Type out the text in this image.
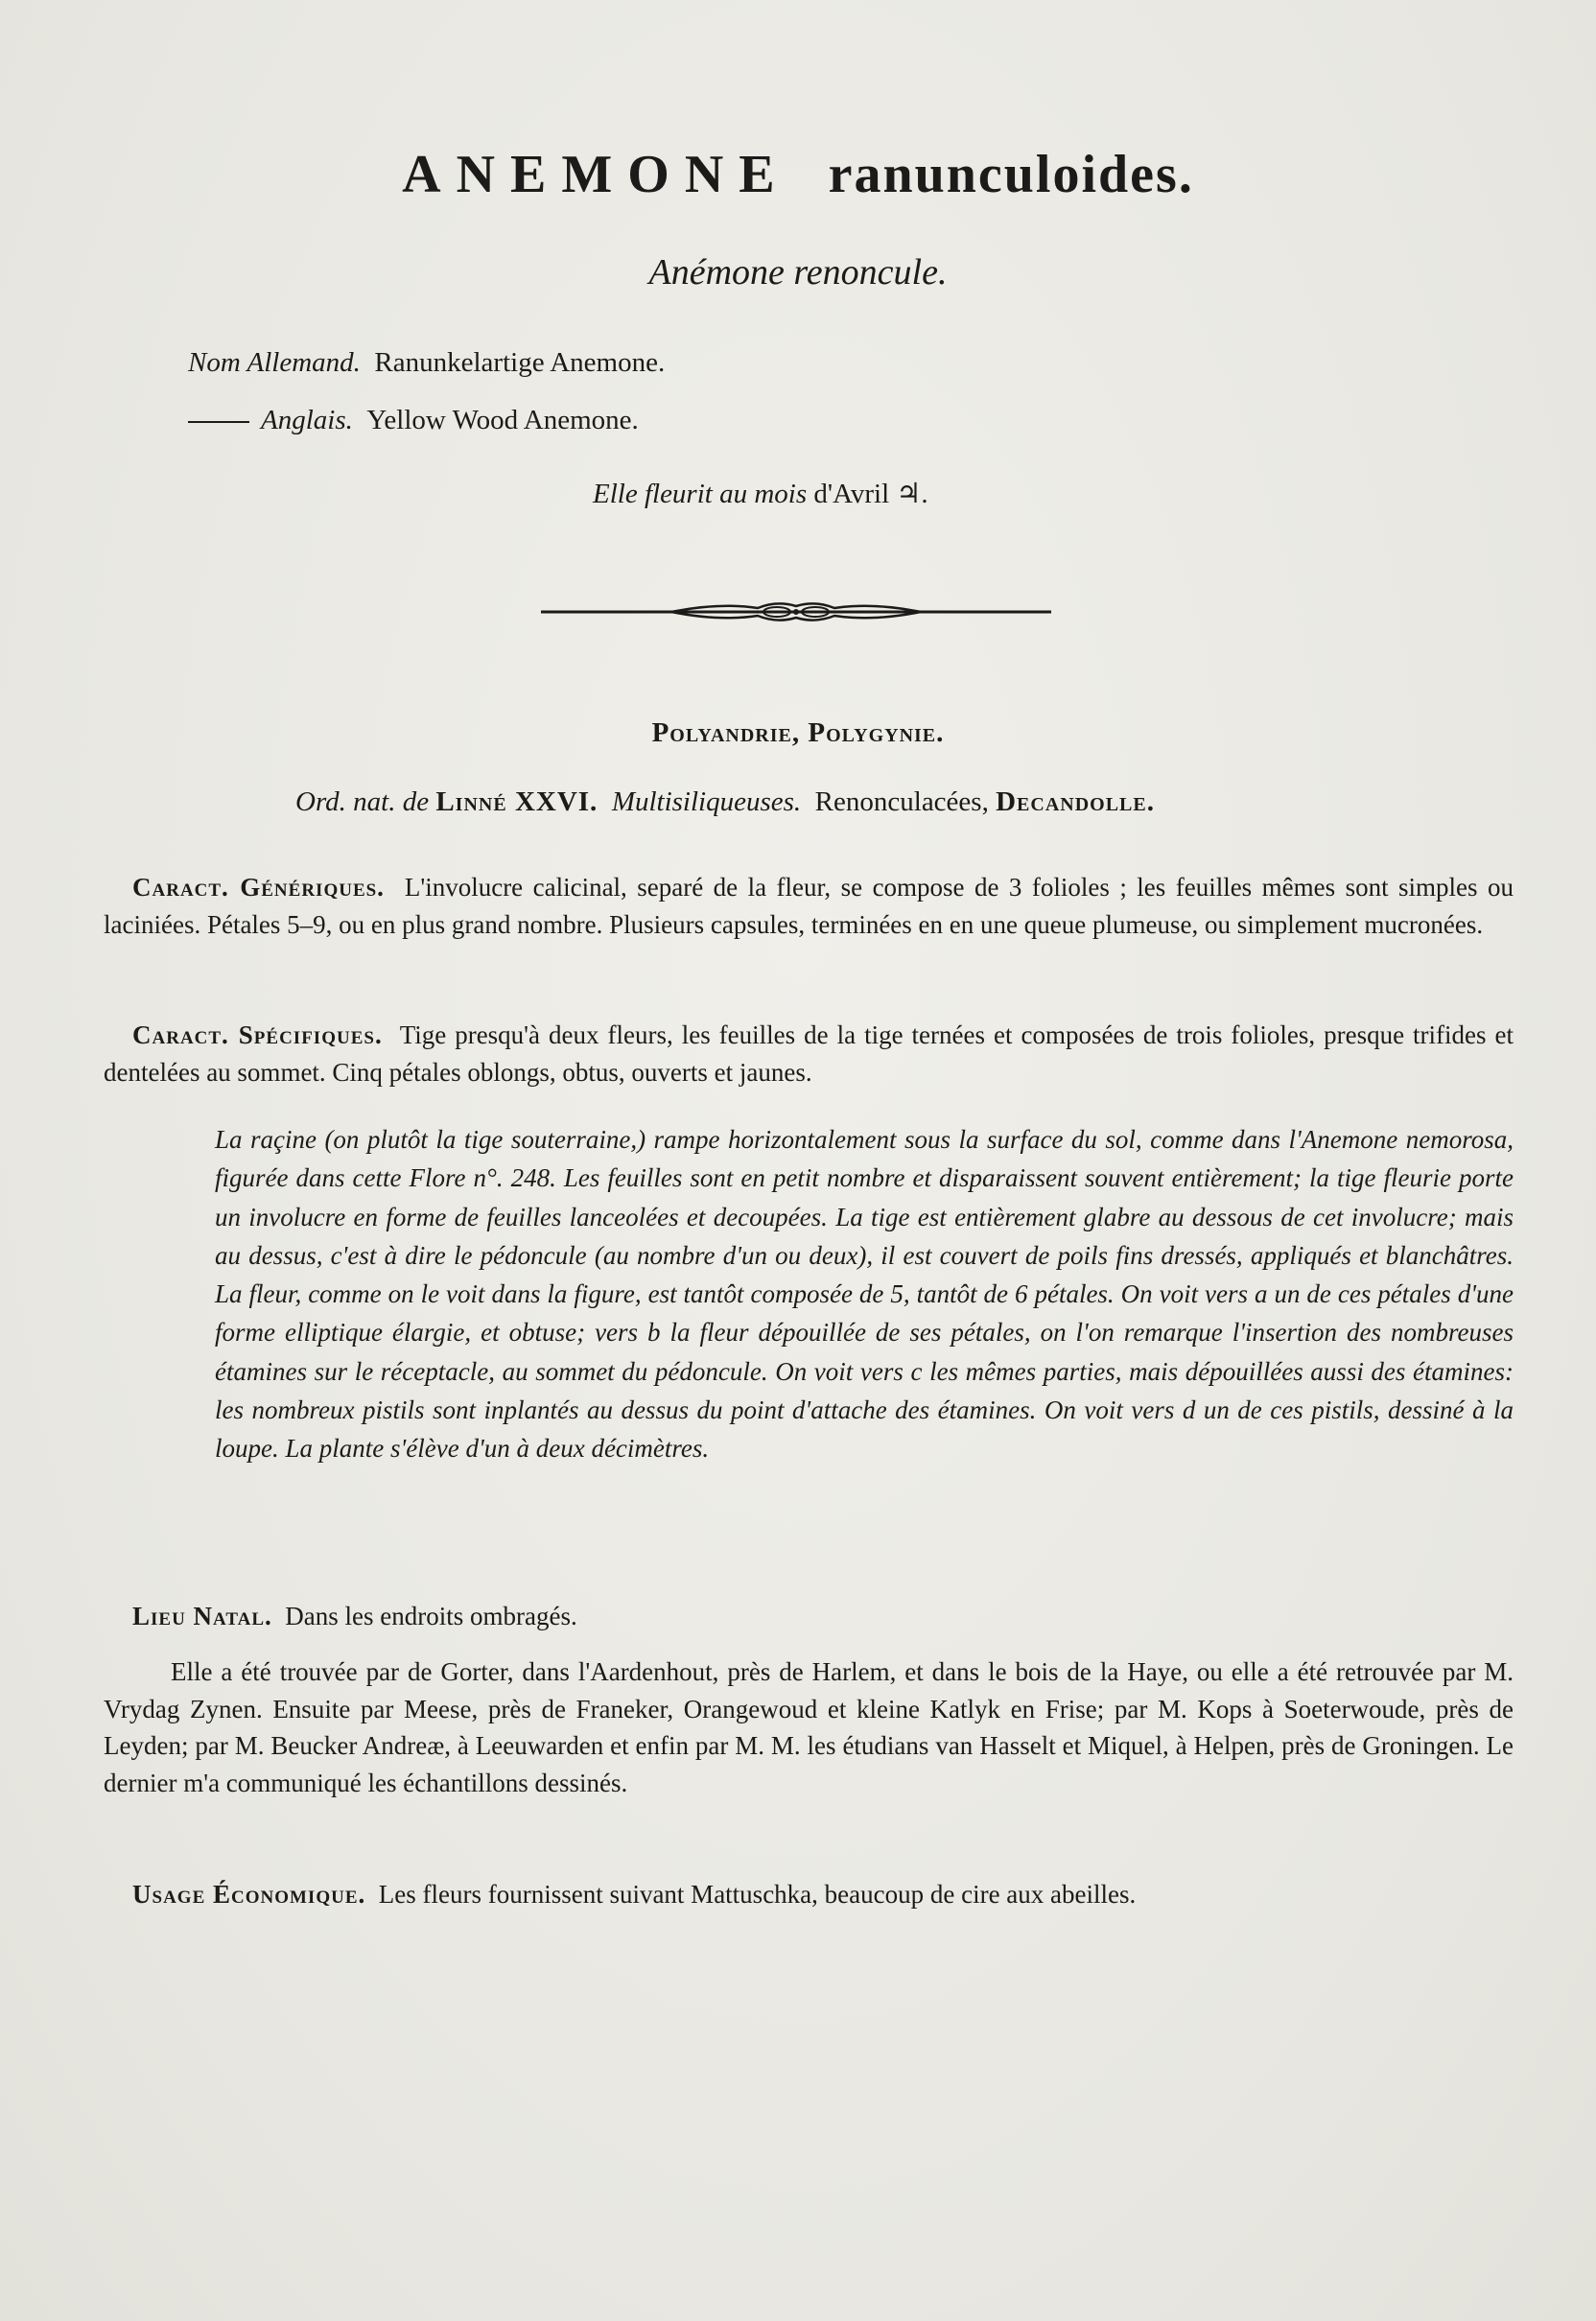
ANEMONE ranunculoides.
Anémone renoncule.
Nom Allemand. Ranunkelartige Anemone.
Anglais. Yellow Wood Anemone.
Elle fleurit au mois d'Avril ♃.
Polyandrie, Polygynie.
Ord. nat. de Linné XXVI. Multisiliqueuses. Renonculacées, Decandolle.
Caract. Génériques. L'involucre calicinal, separé de la fleur, se compose de 3 folioles ; les feuilles mêmes sont simples ou laciniées. Pétales 5–9, ou en plus grand nombre. Plusieurs capsules, terminées en en une queue plumeuse, ou simplement mucronées.
Caract. Spécifiques. Tige presqu'à deux fleurs, les feuilles de la tige ternées et composées de trois folioles, presque trifides et dentelées au sommet. Cinq pétales oblongs, obtus, ouverts et jaunes.
La raçine (on plutôt la tige souterraine,) rampe horizontalement sous la surface du sol, comme dans l'Anemone nemorosa, figurée dans cette Flore n°. 248. Les feuilles sont en petit nombre et disparaissent souvent entièrement; la tige fleurie porte un involucre en forme de feuilles lanceolées et decoupées. La tige est entièrement glabre au dessous de cet involucre; mais au dessus, c'est à dire le pédoncule (au nombre d'un ou deux), il est couvert de poils fins dressés, appliqués et blanchâtres. La fleur, comme on le voit dans la figure, est tantôt composée de 5, tantôt de 6 pétales. On voit vers a un de ces pétales d'une forme elliptique élargie, et obtuse; vers b la fleur dépouillée de ses pétales, on l'on remarque l'insertion des nombreuses étamines sur le réceptacle, au sommet du pédoncule. On voit vers c les mêmes parties, mais dépouillées aussi des étamines: les nombreux pistils sont inplantés au dessus du point d'attache des étamines. On voit vers d un de ces pistils, dessiné à la loupe. La plante s'élève d'un à deux décimètres.
Lieu Natal. Dans les endroits ombragés.
Elle a été trouvée par de Gorter, dans l'Aardenhout, près de Harlem, et dans le bois de la Haye, ou elle a été retrouvée par M. Vrydag Zynen. Ensuite par Meese, près de Franeker, Orangewoud et kleine Katlyk en Frise; par M. Kops à Soeterwoude, près de Leyden; par M. Beucker Andreæ, à Leeuwarden et enfin par M. M. les étudians van Hasselt et Miquel, à Helpen, près de Groningen. Le dernier m'a communiqué les échantillons dessinés.
Usage Économique. Les fleurs fournissent suivant Mattuschka, beaucoup de cire aux abeilles.
